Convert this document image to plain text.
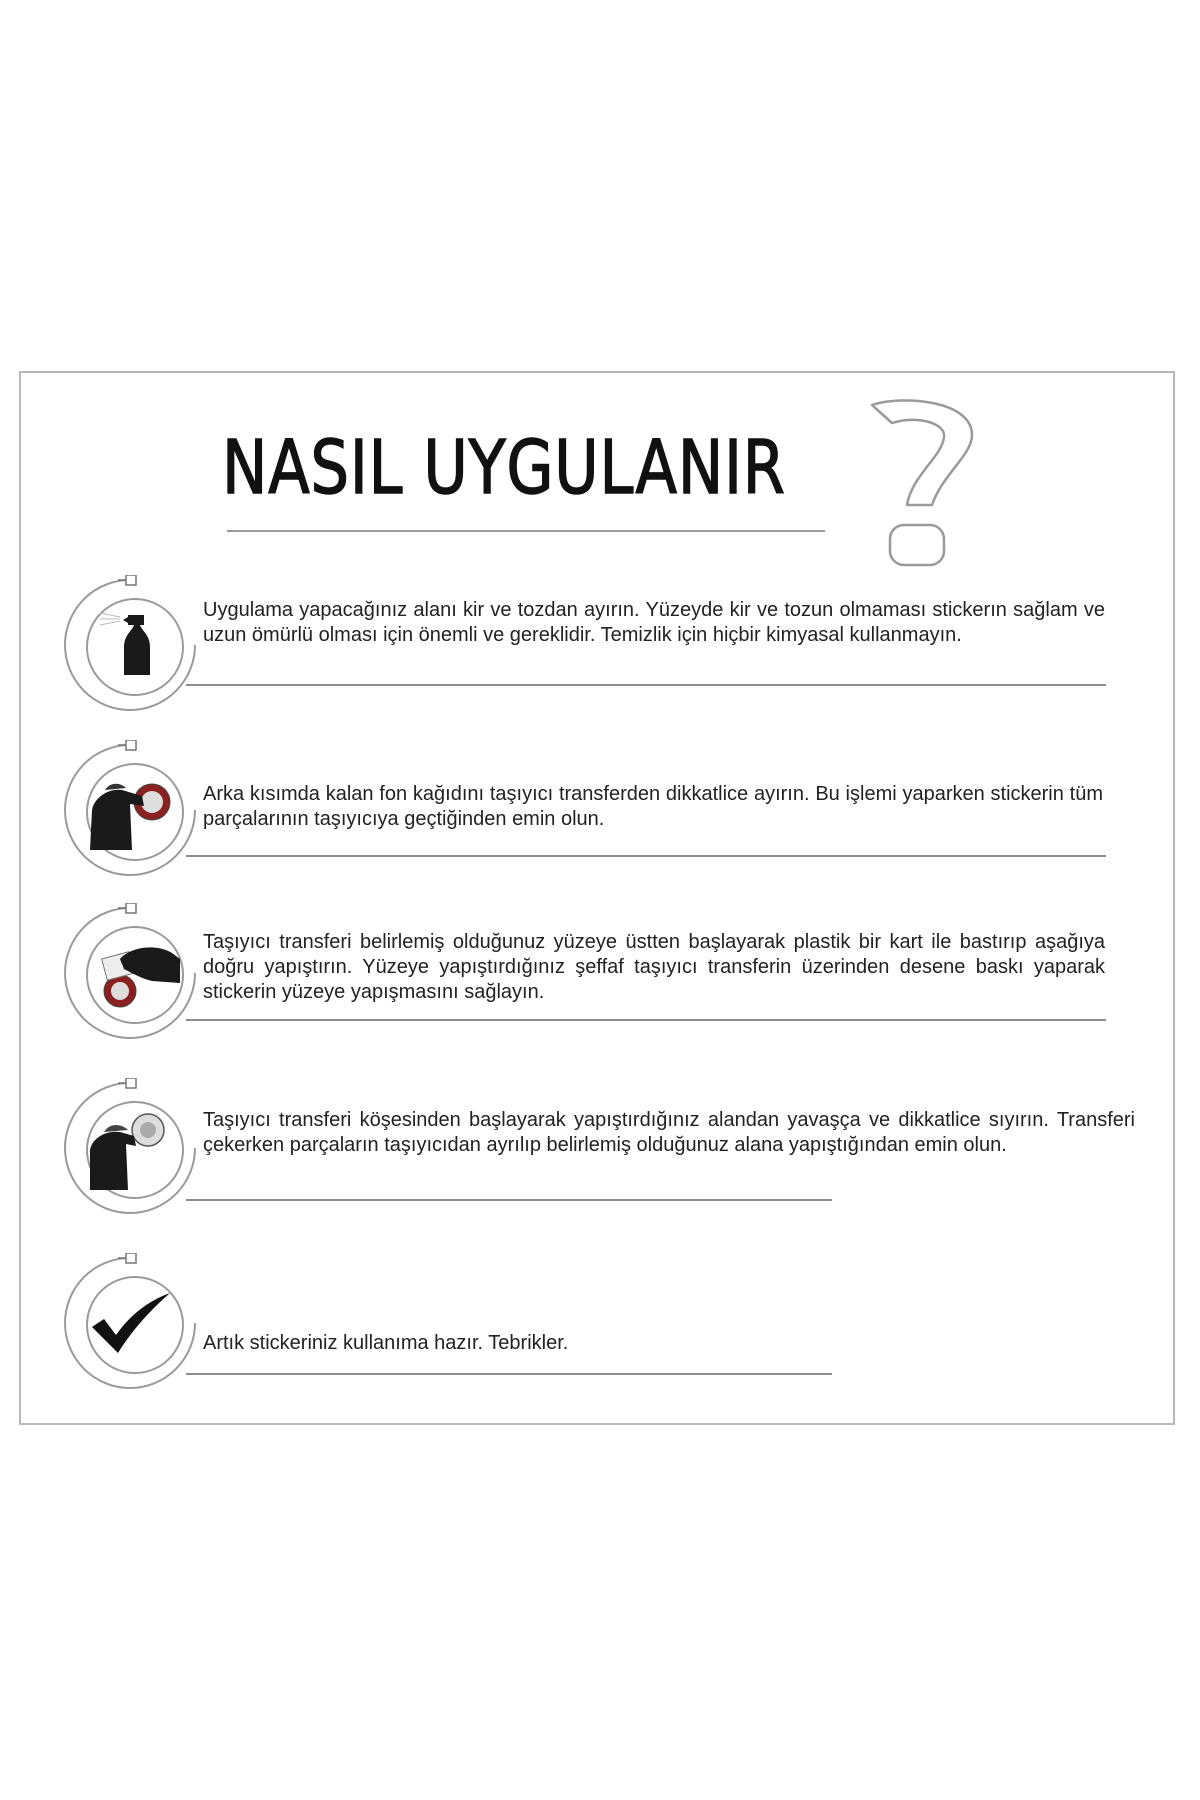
NASIL UYGULANIR
Uygulama yapacağınız alanı kir ve tozdan ayırın. Yüzeyde kir ve tozun olmaması stickerın sağlam ve uzun ömürlü olması için önemli ve gereklidir. Temizlik için hiçbir kimyasal kullanmayın.
Arka kısımda kalan fon kağıdını taşıyıcı transferden dikkatlice ayırın. Bu işlemi yaparken stickerin tüm parçalarının taşıyıcıya geçtiğinden emin olun.
Taşıyıcı transferi belirlemiş olduğunuz yüzeye üstten başlayarak plastik bir kart ile bastırıp aşağıya doğru yapıştırın. Yüzeye yapıştırdığınız şeffaf taşıyıcı transferin üzerinden desene baskı yaparak stickerin yüzeye yapışmasını sağlayın.
Taşıyıcı transferi köşesinden başlayarak yapıştırdığınız alandan yavaşça ve dikkatlice sıyırın. Transferi çekerken parçaların taşıyıcıdan ayrılıp belirlemiş olduğunuz alana yapıştığından emin olun.
Artık stickeriniz kullanıma hazır. Tebrikler.
